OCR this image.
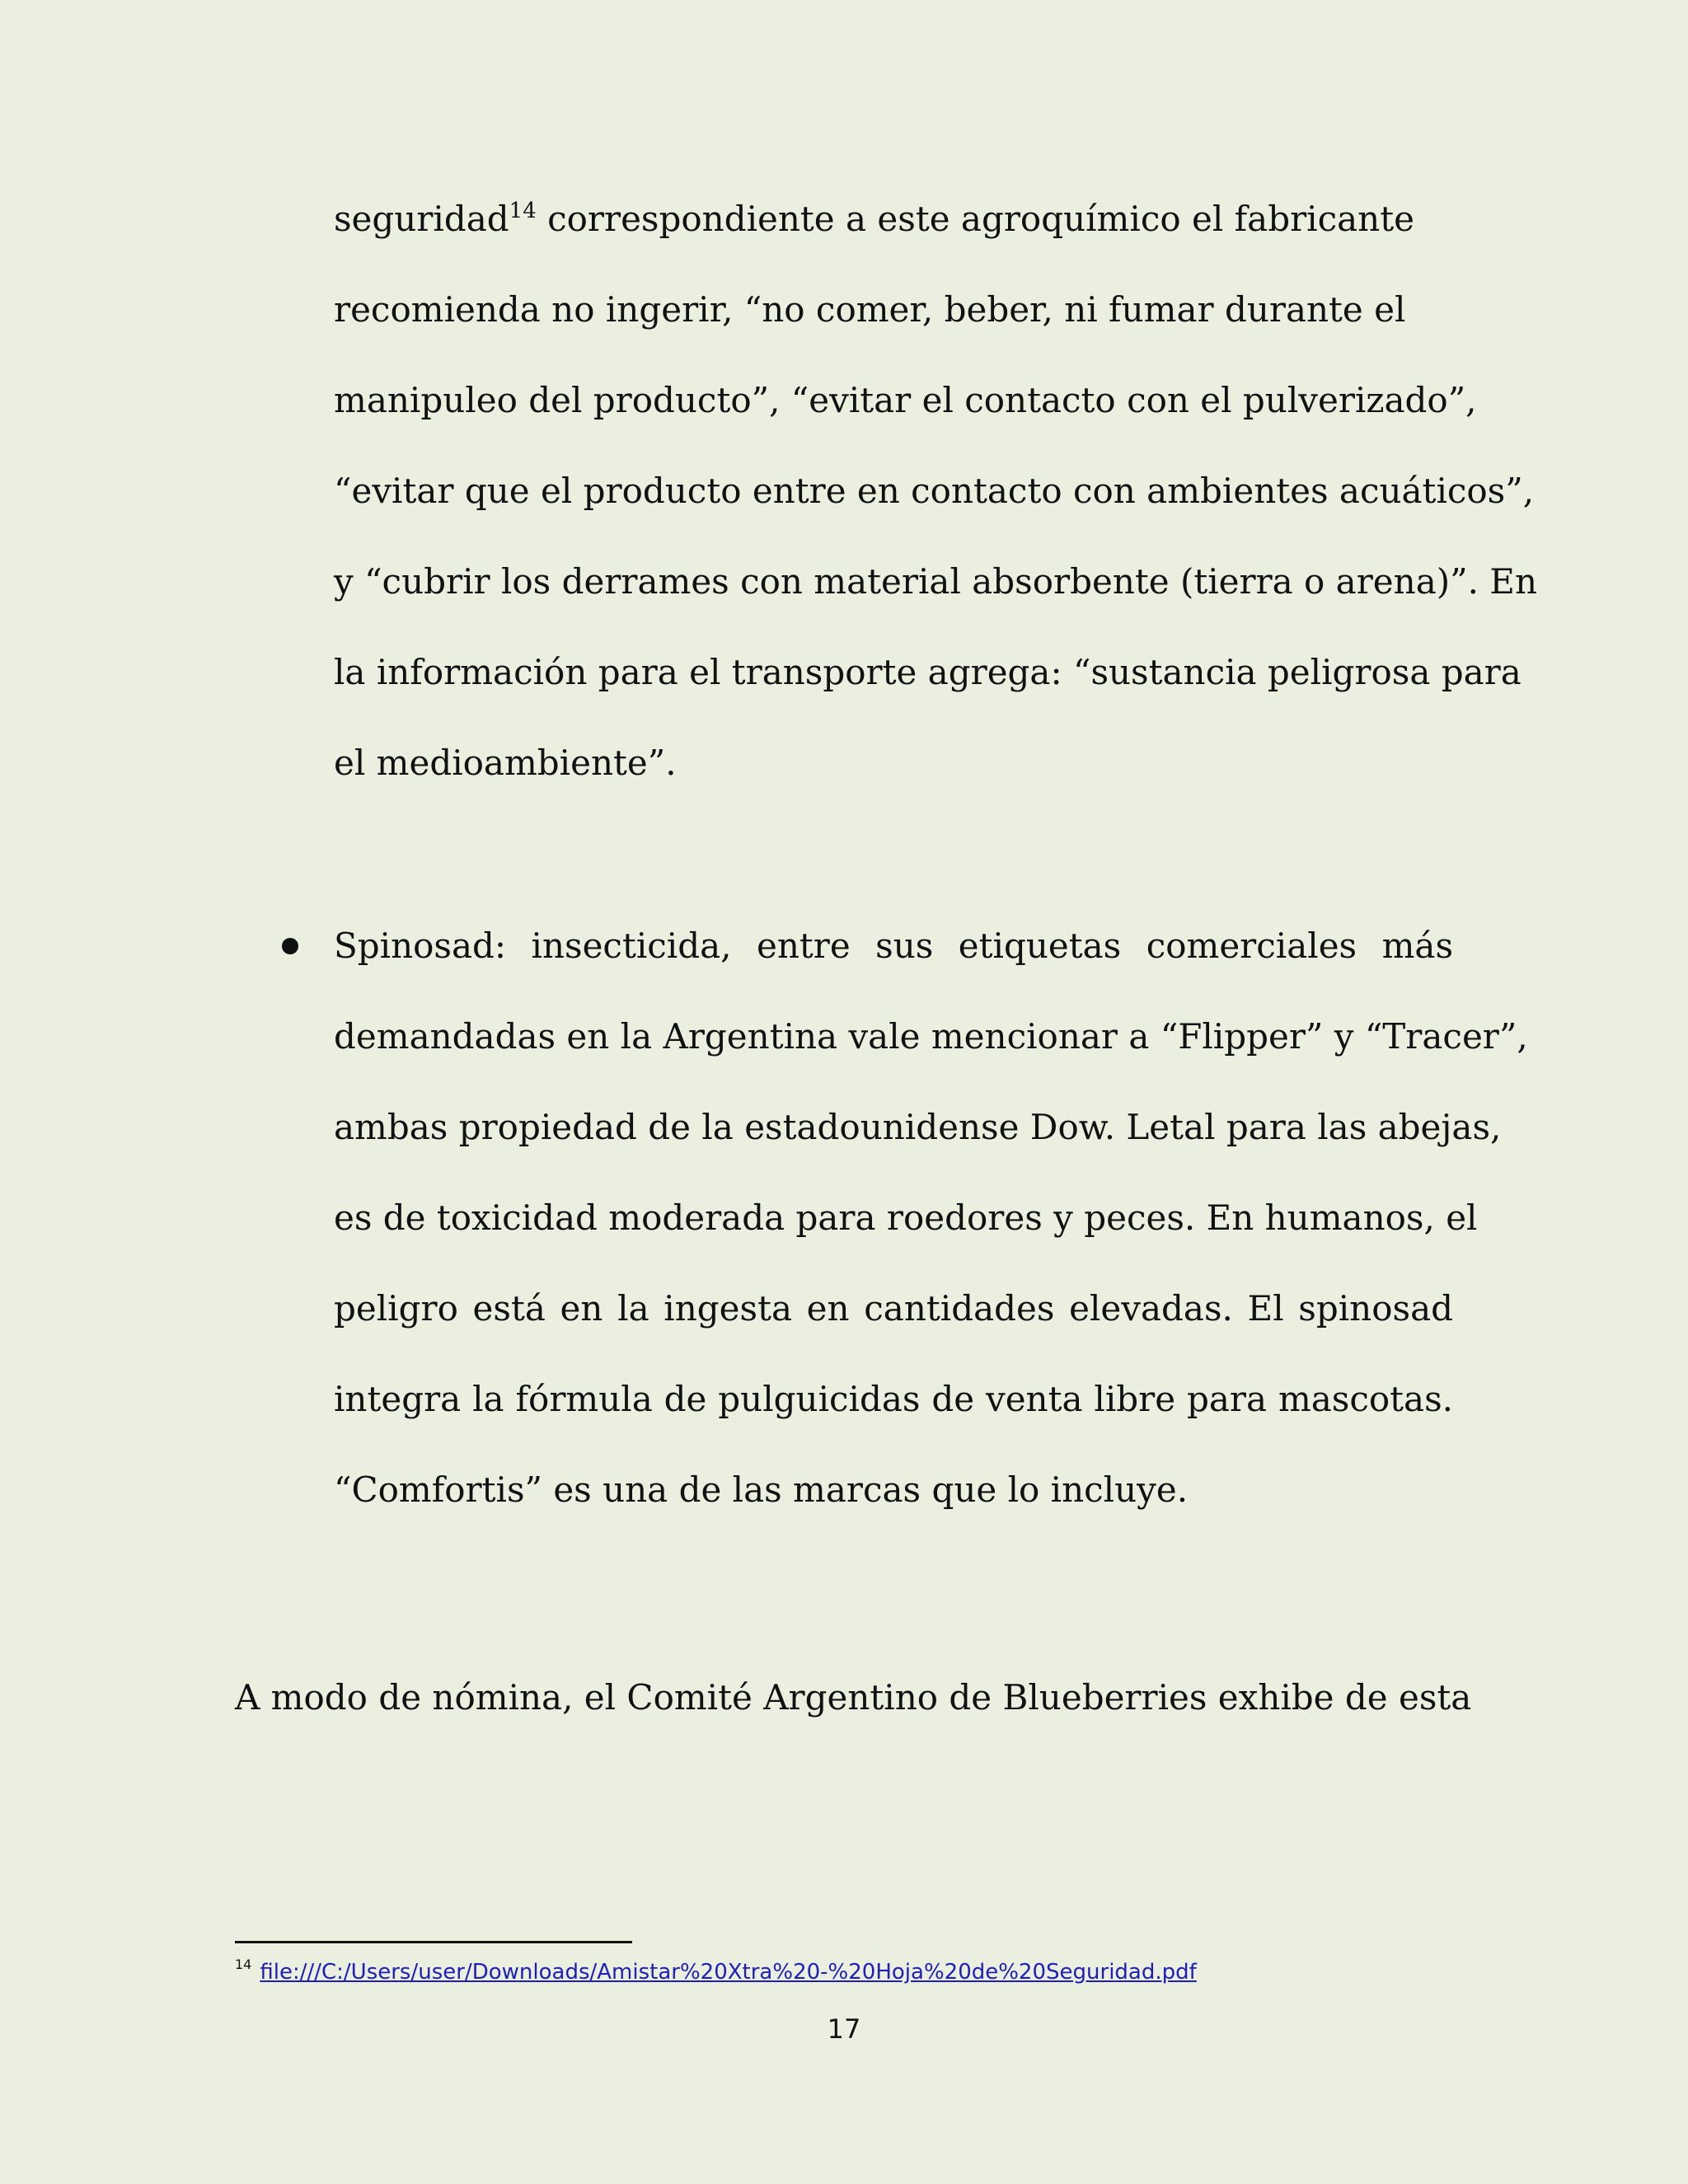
seguridad$^{14}$ correspondiente a este agroquímico el fabricante
recomienda no ingerir, “no comer, beber, ni fumar durante el
manipuleo del producto”, “evitar el contacto con el pulverizado”,
“evitar que el producto entre en contacto con ambientes acuáticos”,
y “cubrir los derrames con material absorbente (tierra o arena)”. En
la información para el transporte agrega: “sustancia peligrosa para
el medioambiente”.
Spinosad: insecticida, entre sus etiquetas comerciales más
demandadas en la Argentina vale mencionar a “Flipper” y “Tracer”,
ambas propiedad de la estadounidense Dow. Letal para las abejas,
es de toxicidad moderada para roedores y peces. En humanos, el
peligro está en la ingesta en cantidades elevadas. El spinosad
integra la fórmula de pulguicidas de venta libre para mascotas.
“Comfortis” es una de las marcas que lo incluye.
A modo de nómina, el Comité Argentino de Blueberries exhibe de esta
$^{14}$ file:///C:/Users/user/Downloads/Amistar%20Xtra%20-%20Hoja%20de%20Seguridad.pdf
17
